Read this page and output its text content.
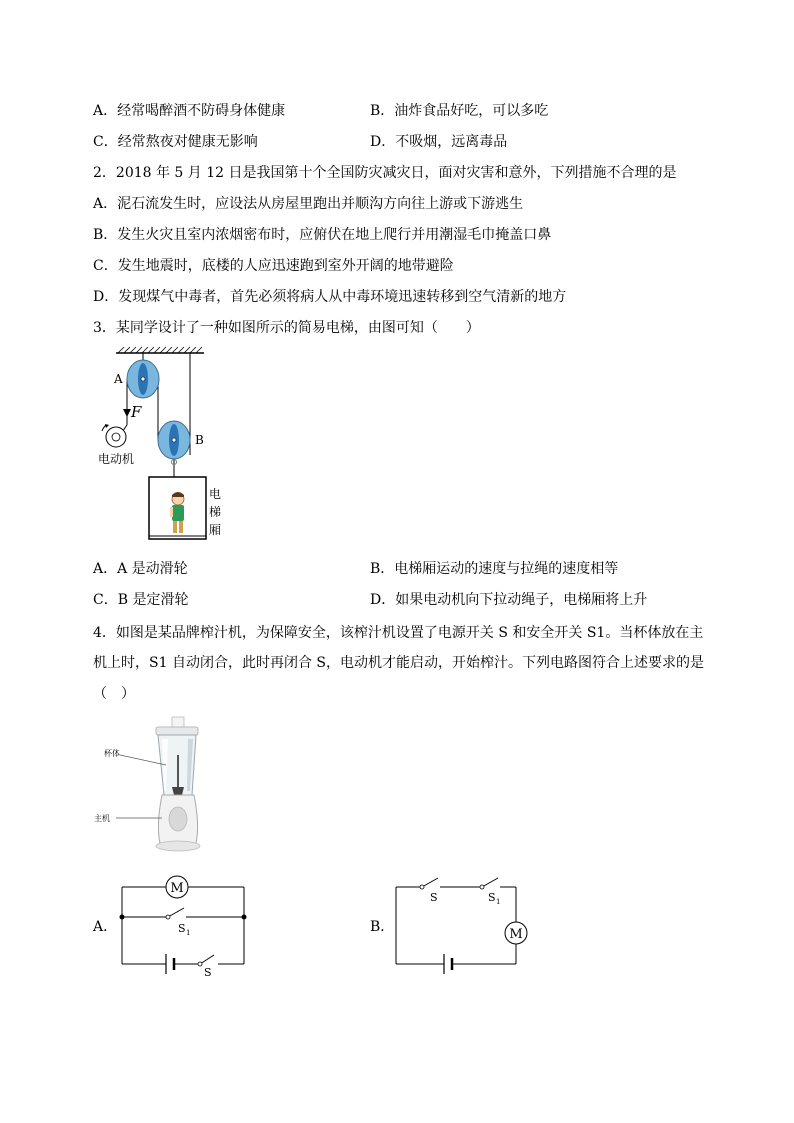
A．经常喝醉酒不防碍身体健康	B．油炸食品好吃，可以多吃
C．经常熬夜对健康无影响	D．不吸烟，远离毒品
2．2018 年 5 月 12 日是我国第十个全国防灾减灾日，面对灾害和意外，下列措施不合理的是
A．泥石流发生时，应设法从房屋里跑出并顺沟方向往上游或下游逃生
B．发生火灾且室内浓烟密布时，应俯伏在地上爬行并用潮湿毛巾掩盖口鼻
C．发生地震时，底楼的人应迅速跑到室外开阔的地带避险
D．发现煤气中毒者，首先必须将病人从中毒环境迅速转移到空气清新的地方
3．某同学设计了一种如图所示的简易电梯，由图可知（　　）
A
F
B
电动机
电
梯
厢
A．A 是动滑轮	B．电梯厢运动的速度与拉绳的速度相等
C．B 是定滑轮	D．如果电动机向下拉动绳子，电梯厢将上升
4．如图是某品牌榨汁机，为保障安全，该榨汁机设置了电源开关 S 和安全开关 S1。当杯体放在主
机上时，S1 自动闭合，此时再闭合 S，电动机才能启动，开始榨汁。下列电路图符合上述要求的是
（　）
杯体
主机
A．
M
S 1
S
B．
S	S 1
M
